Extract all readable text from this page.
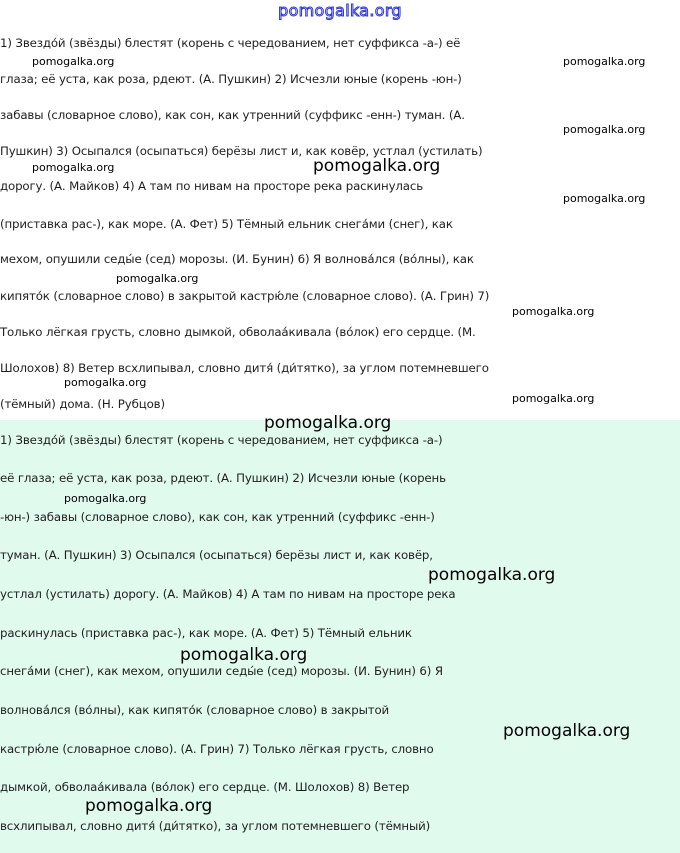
1) Звездо́й (звёзды) блестят (корень с чередованием, нет суффикса -а-) её
глаза; её уста, как роза, рдеют. (А. Пушкин) 2) Исчезли юные (корень -юн-)
забавы (словарное слово), как сон, как утренний (суффикс -енн-) туман. (А.
Пушкин) 3) Осыпался (осыпаться) берёзы лист и, как ковёр, устлал (устилать)
дорогу. (А. Майков) 4) А там по нивам на просторе река раскинулась
(приставка рас-), как море. (А. Фет) 5) Тёмный ельник снега́ми (снег), как
мехом, опушили седы́е (сед) морозы. (И. Бунин) 6) Я волнова́лся (во́лны), как
кипято́к (словарное слово) в закрытой кастрю́ле (словарное слово). (А. Грин) 7)
Только лёгкая грусть, словно дымкой, обволаа́кивала (во́лок) его сердце. (М.
Шолохов) 8) Ветер всхлипывал, словно дитя́ (ди́тятко), за углом потемневшего
(тёмный) дома. (Н. Рубцов)
1) Звездо́й (звёзды) блестят (корень с чередованием, нет суффикса -а-)
её глаза; её уста, как роза, рдеют. (А. Пушкин) 2) Исчезли юные (корень
-юн-) забавы (словарное слово), как сон, как утренний (суффикс -енн-)
туман. (А. Пушкин) 3) Осыпался (осыпаться) берёзы лист и, как ковёр,
устлал (устилать) дорогу. (А. Майков) 4) А там по нивам на просторе река
раскинулась (приставка рас-), как море. (А. Фет) 5) Тёмный ельник
снега́ми (снег), как мехом, опушили седы́е (сед) морозы. (И. Бунин) 6) Я
волнова́лся (во́лны), как кипято́к (словарное слово) в закрытой
кастрю́ле (словарное слово). (А. Грин) 7) Только лёгкая грусть, словно
дымкой, обволаа́кивала (во́лок) его сердце. (М. Шолохов) 8) Ветер
всхлипывал, словно дитя́ (ди́тятко), за углом потемневшего (тёмный)
pomogalka.org
pomogalka.org	pomogalka.org
pomogalka.org
pomogalka.org
pomogalka.org
pomogalka.org
pomogalka.org
pomogalka.org
pomogalka.org
pomogalka.org
pomogalka.org
pomogalka.org
pomogalka.org
pomogalka.org
pomogalka.org
pomogalka.org
